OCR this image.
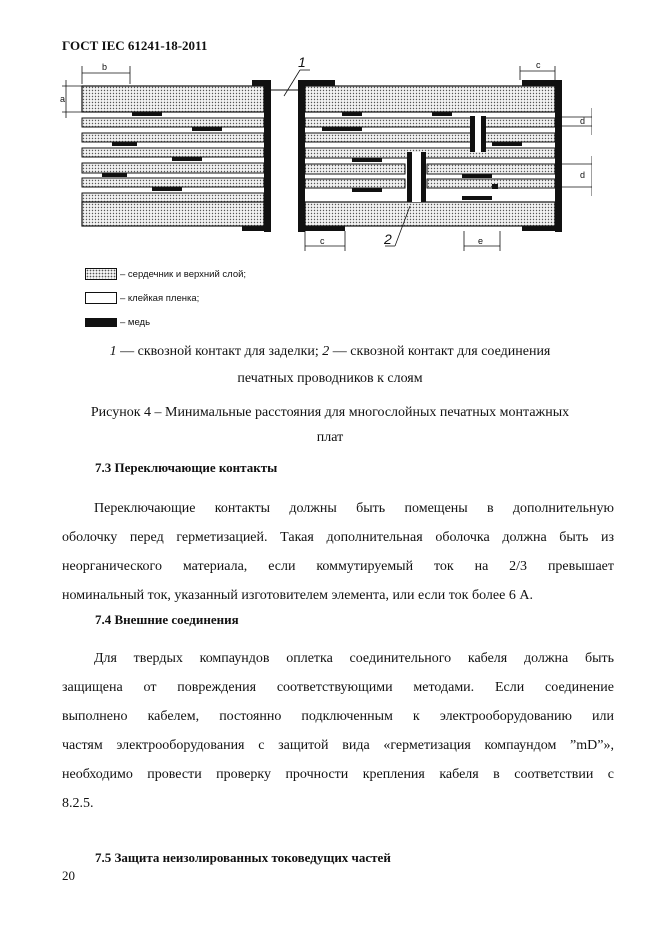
ГОСТ IEC 61241-18-2011
b
a
c
d
d
c	e
1
2
– сердечник и верхний слой;
– клейкая пленка;
– медь
1 — сквозной контакт для заделки; 2 — сквозной контакт для соединения
печатных проводников к слоям
Рисунок 4 – Минимальные расстояния для многослойных печатных монтажных
плат
7.3 Переключающие контакты
Переключающие контакты должны быть помещены в дополнительную
оболочку перед герметизацией. Такая дополнительная оболочка должна быть из
неорганического материала, если коммутируемый ток на 2/3 превышает
номинальный ток, указанный изготовителем элемента, или если ток более 6 А.
7.4 Внешние соединения
Для твердых компаундов оплетка соединительного кабеля должна быть
защищена от повреждения соответствующими методами. Если соединение
выполнено кабелем, постоянно подключенным к электрооборудованию или
частям электрооборудования с защитой вида «герметизация компаундом ”mD”»,
необходимо провести проверку прочности крепления кабеля в соответствии с
8.2.5.
7.5 Защита неизолированных токоведущих частей
20
